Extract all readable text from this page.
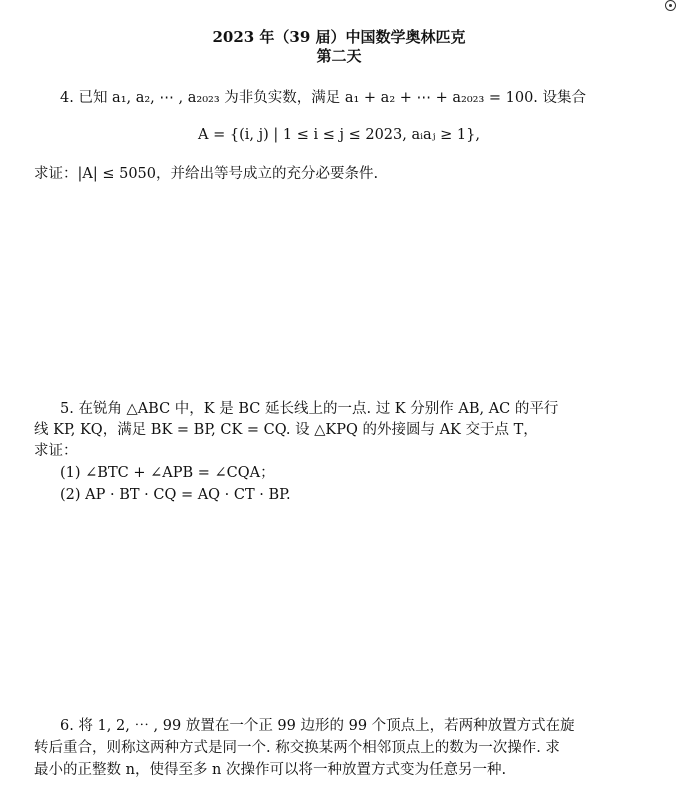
2023 年（39 届）中国数学奥林匹克
第二天
4. 已知 a₁, a₂, ⋯ , a₂₀₂₃ 为非负实数，满足 a₁ + a₂ + ⋯ + a₂₀₂₃ = 100. 设集合
A = {(i, j) | 1 ≤ i ≤ j ≤ 2023, aᵢaⱼ ≥ 1},
求证：|A| ≤ 5050，并给出等号成立的充分必要条件.
5. 在锐角 △ABC 中，K 是 BC 延长线上的一点. 过 K 分别作 AB, AC 的平行
线 KP, KQ，满足 BK = BP, CK = CQ. 设 △KPQ 的外接圆与 AK 交于点 T，
求证：
(1) ∠BTC + ∠APB = ∠CQA；
(2) AP · BT · CQ = AQ · CT · BP.
6. 将 1, 2, ⋯ , 99 放置在一个正 99 边形的 99 个顶点上，若两种放置方式在旋
转后重合，则称这两种方式是同一个. 称交换某两个相邻顶点上的数为一次操作. 求
最小的正整数 n，使得至多 n 次操作可以将一种放置方式变为任意另一种.
